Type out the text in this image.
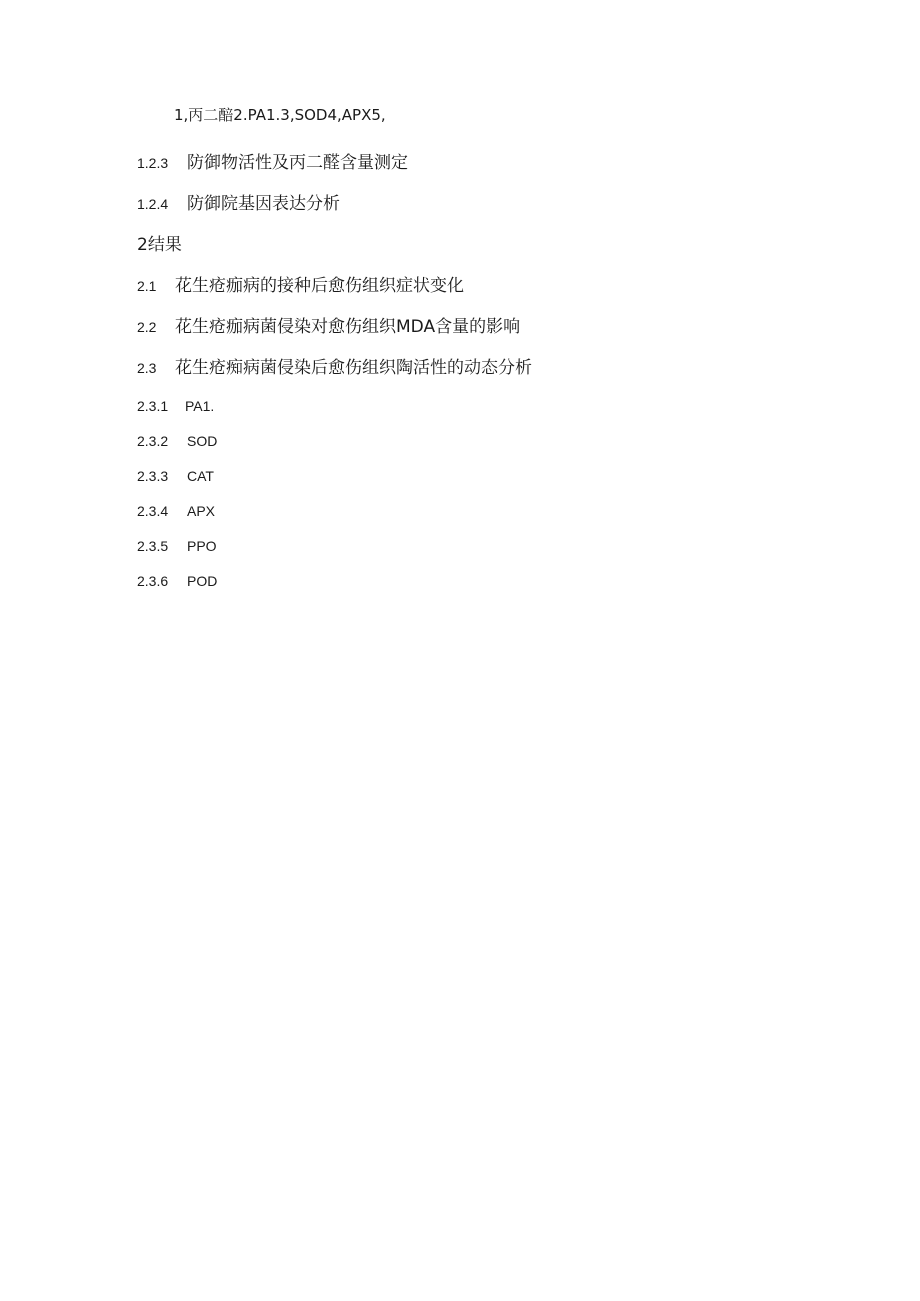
1,丙二醅2.PA1.3,SOD4,APX5,
1.2.3 防御物活性及丙二醛含量测定
1.2.4 防御院基因表达分析
2结果
2.1 花生疮痂病的接种后愈伤组织症状变化
2.2 花生疮痂病菌侵染对愈伤组织MDA含量的影响
2.3 花生疮痴病菌侵染后愈伤组织陶活性的动态分析
2.3.1 PA1.
2.3.2 SOD
2.3.3 CAT
2.3.4 APX
2.3.5 PPO
2.3.6 POD
